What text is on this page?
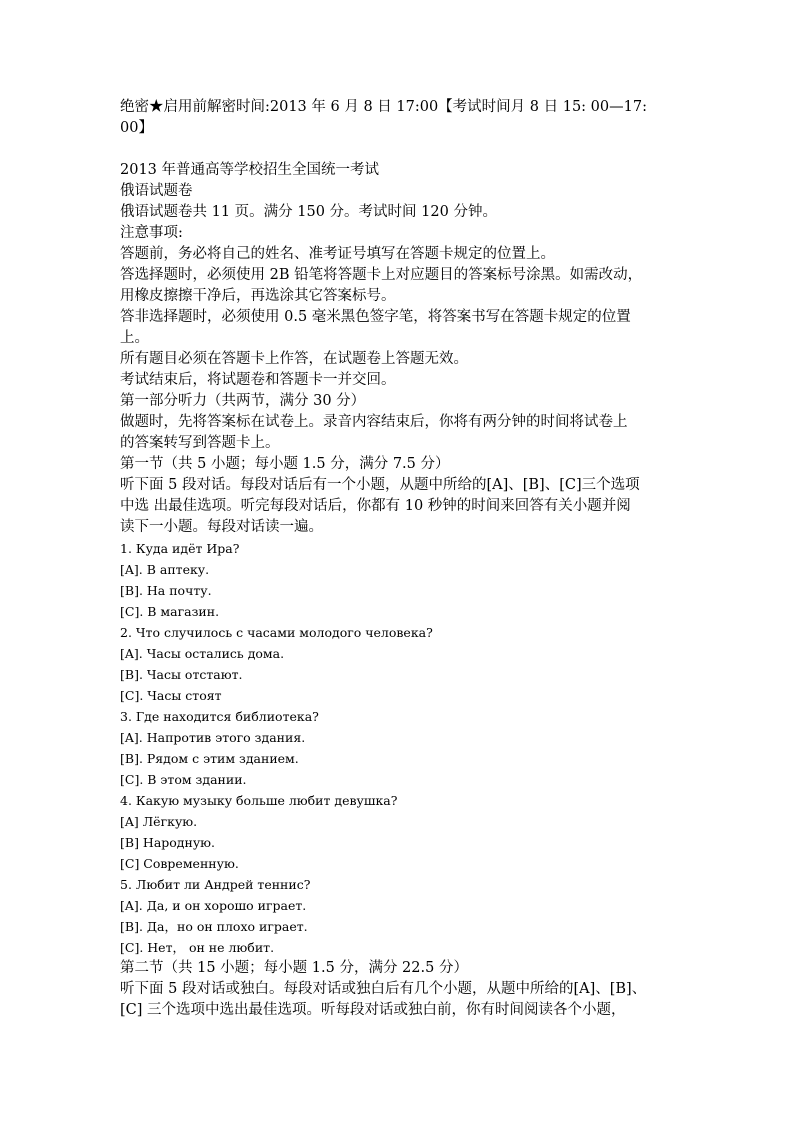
绝密★启用前解密时间:2013 年 6 月 8 日 17:00【考试时间月 8 日 15: 00—17:
00】
2013 年普通高等学校招生全国统一考试
俄语试题卷
俄语试题卷共 11 页。满分 150 分。考试时间 120 分钟。
注意事项:
答题前，务必将自己的姓名、准考证号填写在答题卡规定的位置上。
答选择题时，必须使用 2B 铅笔将答题卡上对应题目的答案标号涂黑。如需改动，
用橡皮擦擦干净后，再选涂其它答案标号。
答非选择题时，必须使用 0.5 毫米黑色签字笔，将答案书写在答题卡规定的位置
上。
所有题目必须在答题卡上作答，在试题卷上答题无效。
考试结束后，将试题卷和答题卡一并交回。
第一部分听力（共两节，满分 30 分）
做题时，先将答案标在试卷上。录音内容结束后，你将有两分钟的时间将试卷上
的答案转写到答题卡上。
第一节（共 5 小题；每小题 1.5 分，满分 7.5 分）
听下面 5 段对话。每段对话后有一个小题，从题中所给的[A]、[B]、[C]三个选项
中选 出最佳选项。听完每段对话后，你都有 10 秒钟的时间来回答有关小题并阅
读下一小题。每段对话读一遍。
1. Куда идёт Ира?
[A]. В аптеку.
[B]. На почту.
[C]. В магазин.
2. Что случилось с часами молодого человека?
[A]. Часы остались дома.
[B]. Часы отстают.
[C]. Часы стоят
3. Где находится библиотека?
[A]. Напротив этого здания.
[B]. Рядом с этим зданием.
[C]. В этом здании.
4. Какую музыку больше любит девушка?
[A] Лёгкую.
[B] Народную.
[C] Современную.
5. Любит ли Андрей теннис?
[A]. Да, и он хорошо играет.
[B]. Да，но он плохо играет.
[C]. Нет， он не любит.
第二节（共 15 小题；每小题 1.5 分，满分 22.5 分）
听下面 5 段对话或独白。每段对话或独白后有几个小题，从题中所给的[A]、[B]、
[C] 三个选项中选出最佳选项。听每段对话或独白前，你有时间阅读各个小题，
